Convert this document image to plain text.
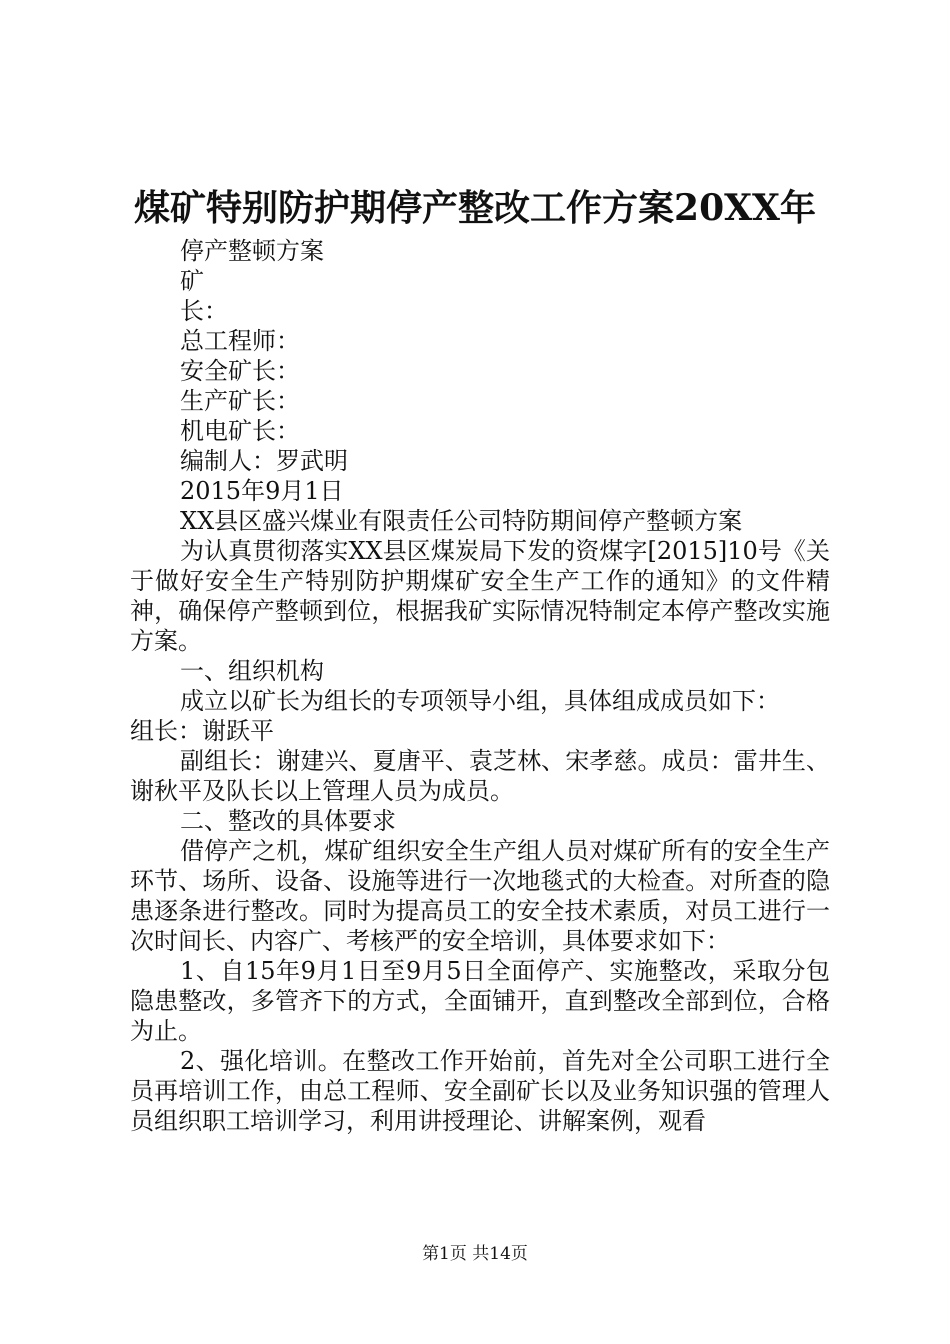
煤矿特别防护期停产整改工作方案20XX年

停产整顿方案

矿

长：

总工程师：

安全矿长：

生产矿长：

机电矿长：

编制人：罗武明

2015年9月1日

XX县区盛兴煤业有限责任公司特防期间停产整顿方案

为认真贯彻落实XX县区煤炭局下发的资煤字[2015]10号《关于做好安全生产特别防护期煤矿安全生产工作的通知》的文件精神，确保停产整顿到位，根据我矿实际情况特制定本停产整改实施方案。

一、组织机构

成立以矿长为组长的专项领导小组，具体组成成员如下：

组长：谢跃平

副组长：谢建兴、夏唐平、袁芝林、宋孝慈。成员：雷井生、谢秋平及队长以上管理人员为成员。

二、整改的具体要求

借停产之机，煤矿组织安全生产组人员对煤矿所有的安全生产环节、场所、设备、设施等进行一次地毯式的大检查。对所查的隐患逐条进行整改。同时为提高员工的安全技术素质，对员工进行一次时间长、内容广、考核严的安全培训，具体要求如下：

1、自15年9月1日至9月5日全面停产、实施整改，采取分包隐患整改，多管齐下的方式，全面铺开，直到整改全部到位，合格为止。

2、强化培训。在整改工作开始前，首先对全公司职工进行全员再培训工作，由总工程师、安全副矿长以及业务知识强的管理人员组织职工培训学习，利用讲授理论、讲解案例，观看

第1页 共14页
